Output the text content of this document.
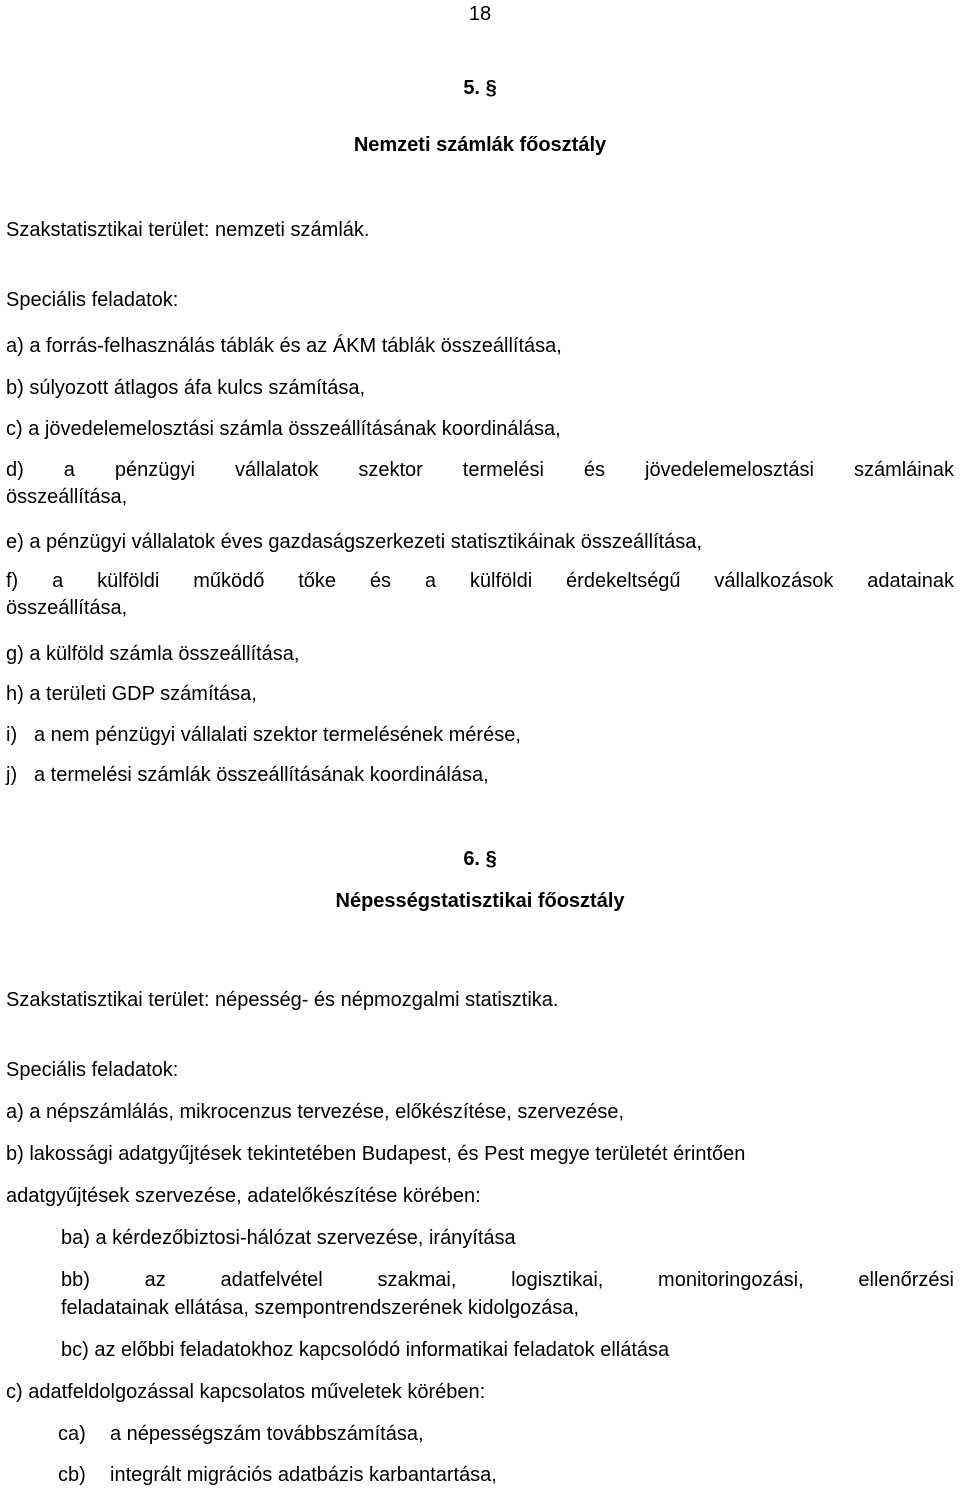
18
5. §
Nemzeti számlák főosztály
Szakstatisztikai terület: nemzeti számlák.
Speciális feladatok:
a) a forrás-felhasználás táblák és az ÁKM táblák összeállítása,
b) súlyozott átlagos áfa kulcs számítása,
c) a jövedelemelosztási számla összeállításának koordinálása,
d) a pénzügyi vállalatok szektor termelési és jövedelemelosztási számláinak
összeállítása,
e) a pénzügyi vállalatok éves gazdaságszerkezeti statisztikáinak összeállítása,
f) a külföldi működő tőke és a külföldi érdekeltségű vállalkozások adatainak
összeállítása,
g) a külföld számla összeállítása,
h) a területi GDP számítása,
i) a nem pénzügyi vállalati szektor termelésének mérése,
j) a termelési számlák összeállításának koordinálása,
6. §
Népességstatisztikai főosztály
Szakstatisztikai terület: népesség- és népmozgalmi statisztika.
Speciális feladatok:
a) a népszámlálás, mikrocenzus tervezése, előkészítése, szervezése,
b) lakossági adatgyűjtések tekintetében Budapest, és Pest megye területét érintően
adatgyűjtések szervezése, adatelőkészítése körében:
ba) a kérdezőbiztosi-hálózat szervezése, irányítása
bb) az adatfelvétel szakmai, logisztikai, monitoringozási, ellenőrzési
feladatainak ellátása, szempontrendszerének kidolgozása,
bc) az előbbi feladatokhoz kapcsolódó informatikai feladatok ellátása
c) adatfeldolgozással kapcsolatos műveletek körében:
ca) a népességszám továbbszámítása,
cb) integrált migrációs adatbázis karbantartása,
